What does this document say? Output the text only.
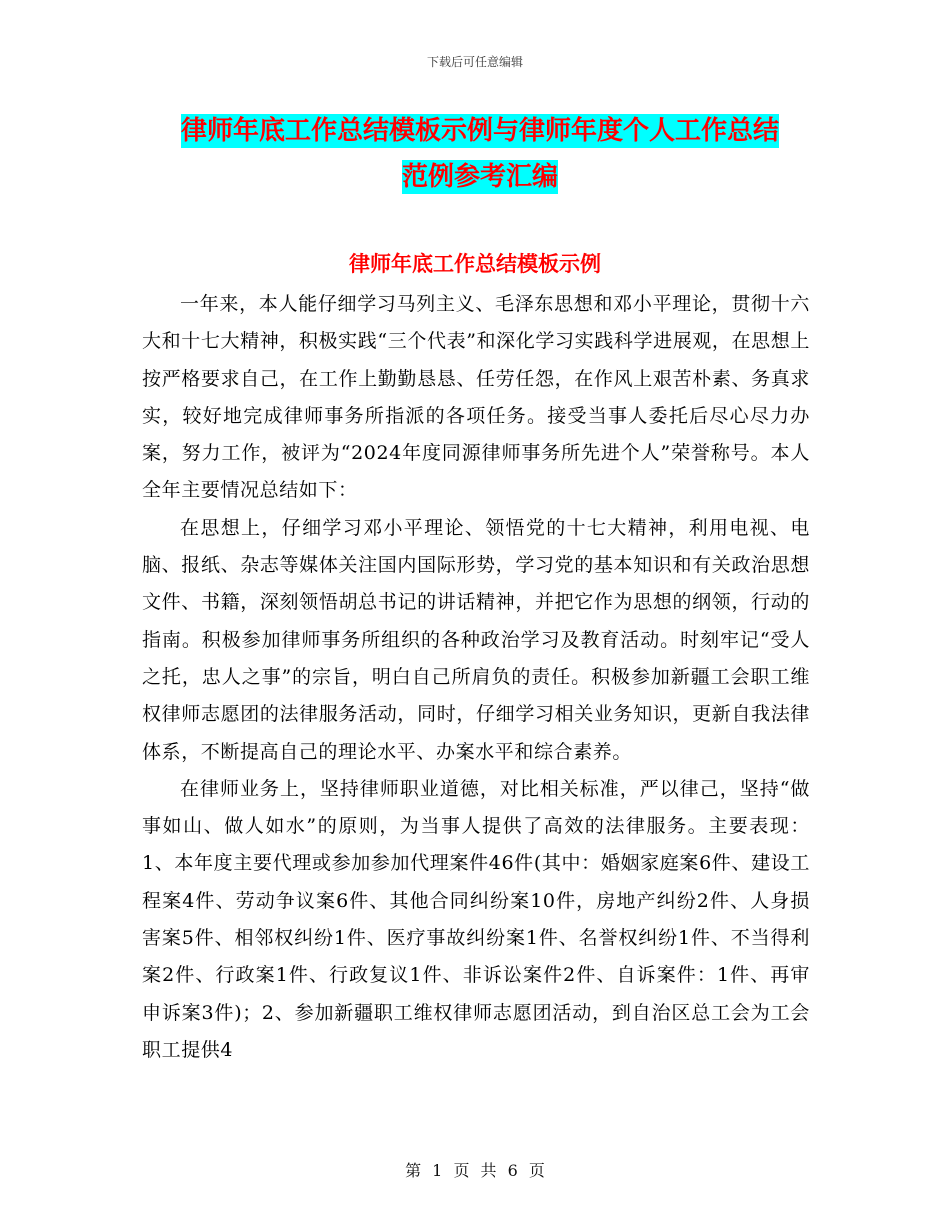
下载后可任意编辑
律师年底工作总结模板示例与律师年度个人工作总结
范例参考汇编
律师年底工作总结模板示例

一年来，本人能仔细学习马列主义、毛泽东思想和邓小平理论，贯彻十六大和十七大精神，积极实践“三个代表”和深化学习实践科学进展观，在思想上按严格要求自己，在工作上勤勤恳恳、任劳任怨，在作风上艰苦朴素、务真求实，较好地完成律师事务所指派的各项任务。接受当事人委托后尽心尽力办案，努力工作，被评为“2024年度同源律师事务所先进个人”荣誉称号。本人全年主要情况总结如下：

在思想上，仔细学习邓小平理论、领悟党的十七大精神，利用电视、电脑、报纸、杂志等媒体关注国内国际形势，学习党的基本知识和有关政治思想文件、书籍，深刻领悟胡总书记的讲话精神，并把它作为思想的纲领，行动的指南。积极参加律师事务所组织的各种政治学习及教育活动。时刻牢记“受人之托，忠人之事”的宗旨，明白自己所肩负的责任。积极参加新疆工会职工维权律师志愿团的法律服务活动，同时，仔细学习相关业务知识，更新自我法律体系，不断提高自己的理论水平、办案水平和综合素养。

在律师业务上，坚持律师职业道德，对比相关标准，严以律己，坚持“做事如山、做人如水”的原则，为当事人提供了高效的法律服务。主要表现：1、本年度主要代理或参加参加代理案件46件(其中：婚姻家庭案6件、建设工程案4件、劳动争议案6件、其他合同纠纷案10件，房地产纠纷2件、人身损害案5件、相邻权纠纷1件、医疗事故纠纷案1件、名誉权纠纷1件、不当得利案2件、行政案1件、行政复议1件、非诉讼案件2件、自诉案件：1件、再审申诉案3件)；2、参加新疆职工维权律师志愿团活动，到自治区总工会为工会职工提供4

第 1 页 共 6 页
